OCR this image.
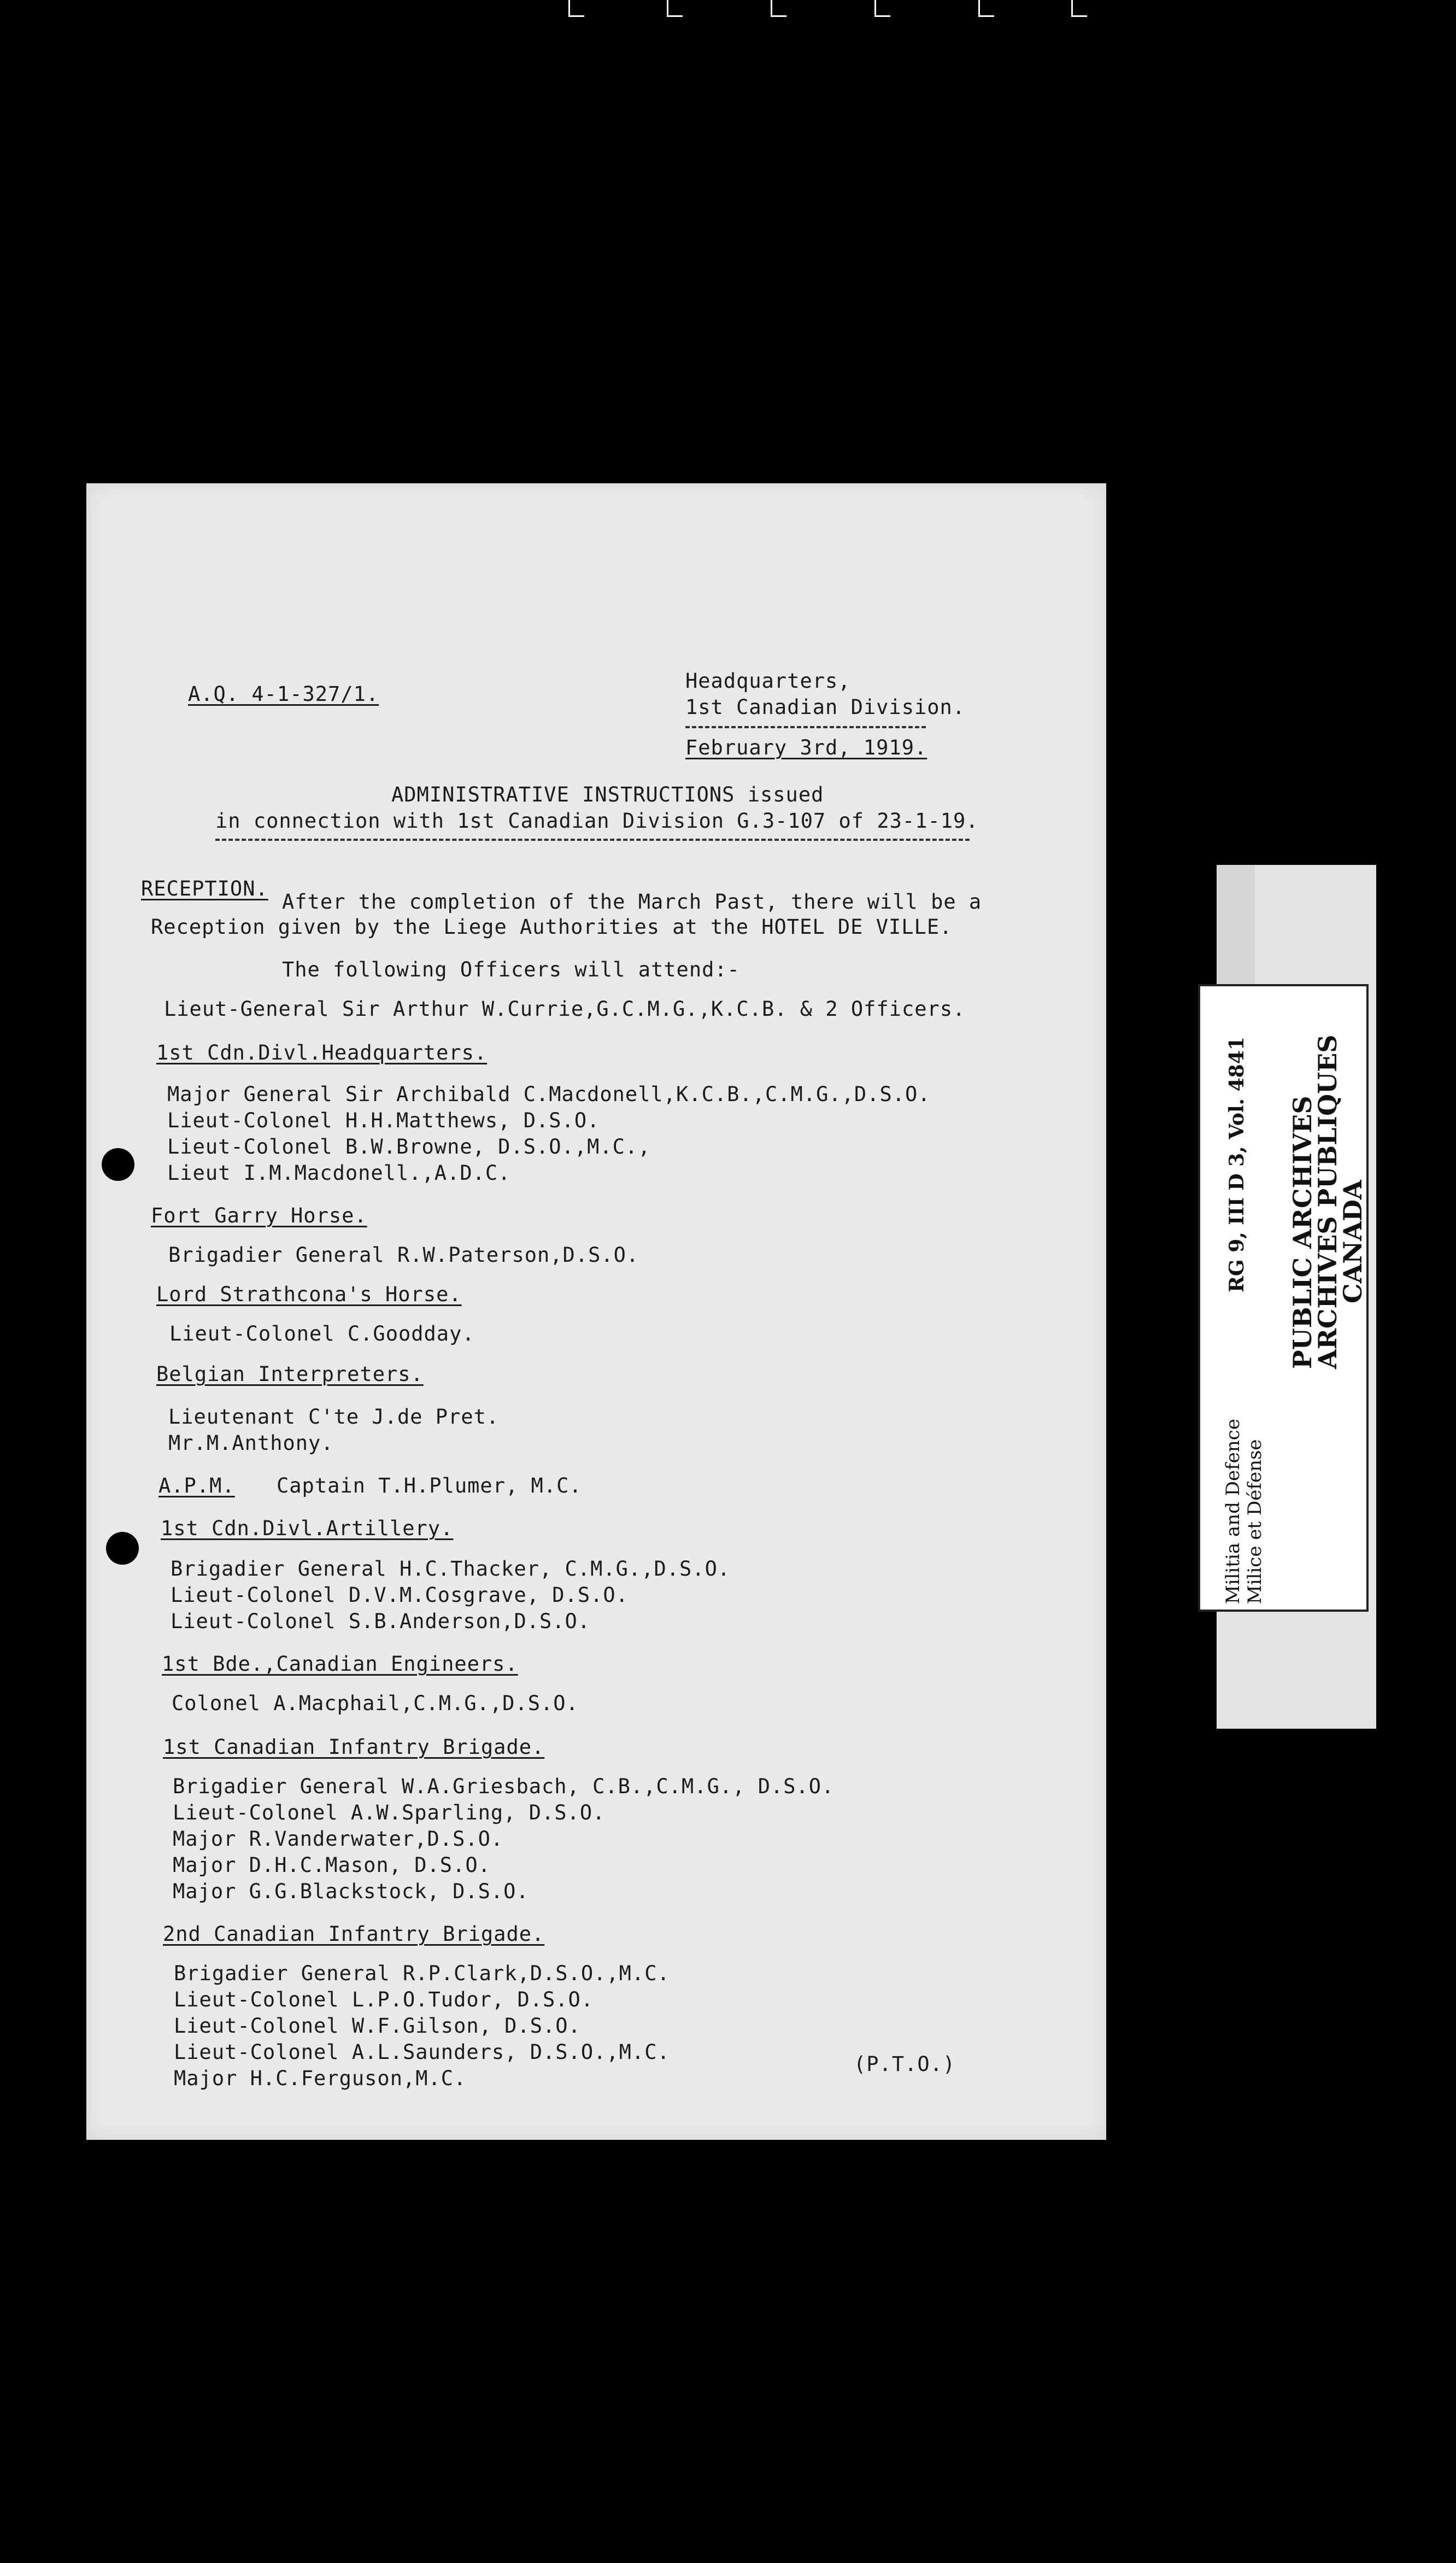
A.Q. 4-1-327/1.
Headquarters,
1st Canadian Division.
February 3rd, 1919.
ADMINISTRATIVE INSTRUCTIONS issued
in connection with 1st Canadian Division G.3-107 of 23-1-19.
RECEPTION.
After the completion of the March Past, there will be a
Reception given by the Liege Authorities at the HOTEL DE VILLE.
The following Officers will attend:-
Lieut-General Sir Arthur W.Currie,G.C.M.G.,K.C.B. & 2 Officers.
1st Cdn.Divl.Headquarters.
Major General Sir Archibald C.Macdonell,K.C.B.,C.M.G.,D.S.O.
Lieut-Colonel H.H.Matthews, D.S.O.
Lieut-Colonel B.W.Browne, D.S.O.,M.C.,
Lieut I.M.Macdonell.,A.D.C.
Fort Garry Horse.
Brigadier General R.W.Paterson,D.S.O.
Lord Strathcona's Horse.
Lieut-Colonel C.Goodday.
Belgian Interpreters.
Lieutenant C'te J.de Pret.
Mr.M.Anthony.
A.P.M. Captain T.H.Plumer, M.C.
1st Cdn.Divl.Artillery.
Brigadier General H.C.Thacker, C.M.G.,D.S.O.
Lieut-Colonel D.V.M.Cosgrave, D.S.O.
Lieut-Colonel S.B.Anderson,D.S.O.
1st Bde.,Canadian Engineers.
Colonel A.Macphail,C.M.G.,D.S.O.
1st Canadian Infantry Brigade.
Brigadier General W.A.Griesbach, C.B.,C.M.G., D.S.O.
Lieut-Colonel A.W.Sparling, D.S.O.
Major R.Vanderwater,D.S.O.
Major D.H.C.Mason, D.S.O.
Major G.G.Blackstock, D.S.O.
2nd Canadian Infantry Brigade.
Brigadier General R.P.Clark,D.S.O.,M.C.
Lieut-Colonel L.P.O.Tudor, D.S.O.
Lieut-Colonel W.F.Gilson, D.S.O.
Lieut-Colonel A.L.Saunders, D.S.O.,M.C.
Major H.C.Ferguson,M.C.
(P.T.O.)
RG 9, III D 3, Vol. 4841 PUBLIC ARCHIVES
ARCHIVES PUBLIQUES
CANADA
Militia and Defence Milice et Défense
